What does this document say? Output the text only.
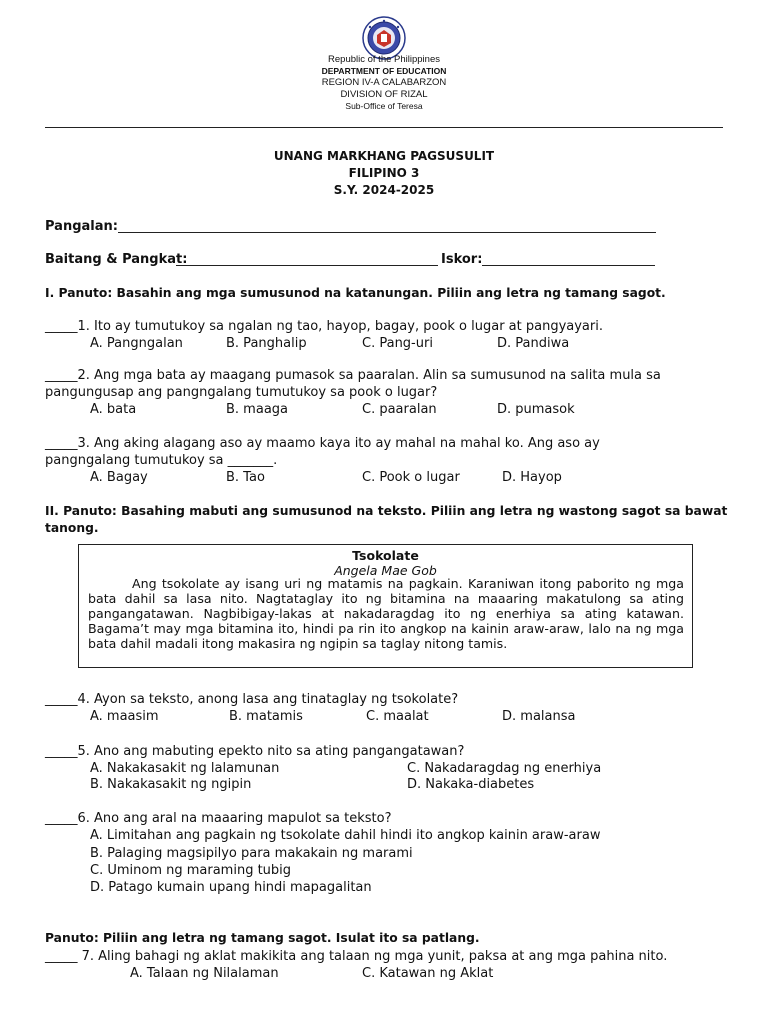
Republic of the Philippines
DEPARTMENT OF EDUCATION
REGION IV-A CALABARZON
DIVISION OF RIZAL
Sub-Office of Teresa
UNANG MARKHANG PAGSUSULIT
FILIPINO 3
S.Y. 2024-2025
Pangalan:
Baitang & Pangkat:	Iskor:
I. Panuto: Basahin ang mga sumusunod na katanungan. Piliin ang letra ng tamang sagot.
_____1. Ito ay tumutukoy sa ngalan ng tao, hayop, bagay, pook o lugar at pangyayari.
A. Pangngalan	B. Panghalip	C. Pang-uri	D. Pandiwa
_____2. Ang mga bata ay maagang pumasok sa paaralan. Alin sa sumusunod na salita mula sa
pangungusap ang pangngalang tumutukoy sa pook o lugar?
A. bata	B. maaga	C. paaralan	D. pumasok
_____3. Ang aking alagang aso ay maamo kaya ito ay mahal na mahal ko. Ang aso ay
pangngalang tumutukoy sa _______.
A. Bagay	B. Tao	C. Pook o lugar	D. Hayop
II. Panuto: Basahing mabuti ang sumusunod na teksto. Piliin ang letra ng wastong sagot sa bawat
tanong.
Tsokolate
Angela Mae Gob
Ang tsokolate ay isang uri ng matamis na pagkain. Karaniwan itong paborito ng mga bata dahil sa lasa nito. Nagtataglay ito ng bitamina na maaaring makatulong sa ating pangangatawan. Nagbibigay-lakas at nakadaragdag ito ng enerhiya sa ating katawan. Bagama’t may mga bitamina ito, hindi pa rin ito angkop na kainin araw-araw, lalo na ng mga bata dahil madali itong makasira ng ngipin sa taglay nitong tamis.
_____4. Ayon sa teksto, anong lasa ang tinataglay ng tsokolate?
A. maasim	B. matamis	C. maalat	D. malansa
_____5. Ano ang mabuting epekto nito sa ating pangangatawan?
A. Nakakasakit ng lalamunan	C. Nakadaragdag ng enerhiya
B. Nakakasakit ng ngipin	D. Nakaka-diabetes
_____6. Ano ang aral na maaaring mapulot sa teksto?
A. Limitahan ang pagkain ng tsokolate dahil hindi ito angkop kainin araw-araw
B. Palaging magsipilyo para makakain ng marami
C. Uminom ng maraming tubig
D. Patago kumain upang hindi mapagalitan
Panuto: Piliin ang letra ng tamang sagot. Isulat ito sa patlang.
_____ 7. Aling bahagi ng aklat makikita ang talaan ng mga yunit, paksa at ang mga pahina nito.
A. Talaan ng Nilalaman	C. Katawan ng Aklat
